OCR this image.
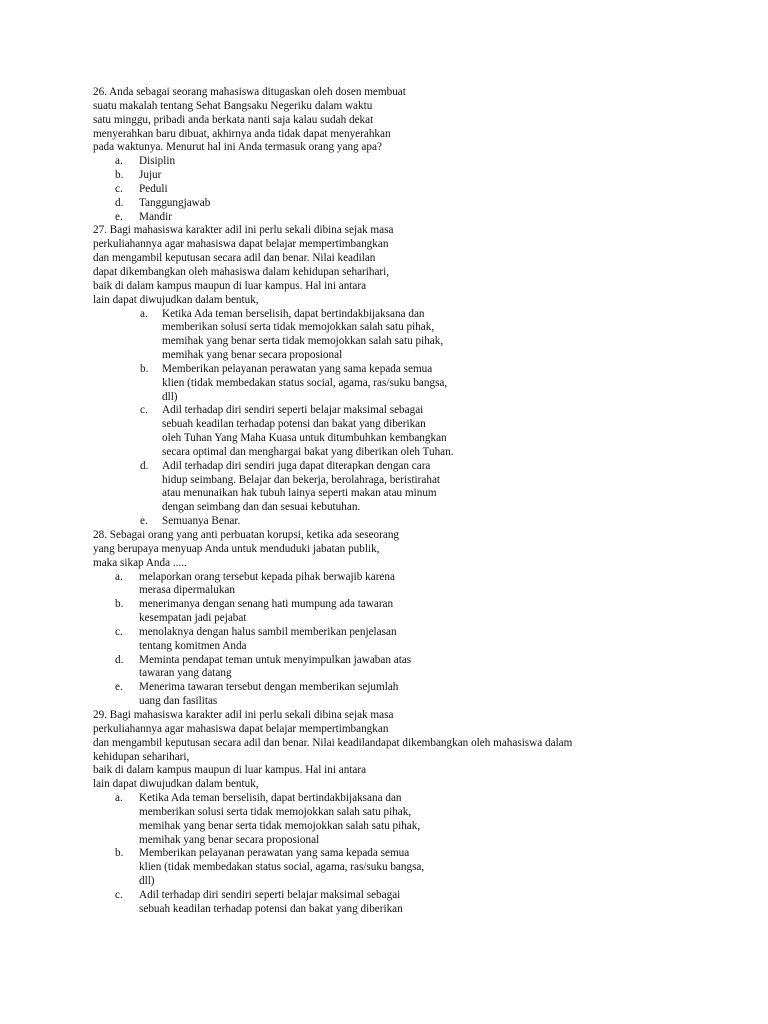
26. Anda sebagai seorang mahasiswa ditugaskan oleh dosen membuat
suatu makalah tentang Sehat Bangsaku Negeriku dalam waktu
satu minggu, pribadi anda berkata nanti saja kalau sudah dekat
menyerahkan baru dibuat, akhirnya anda tidak dapat menyerahkan
pada waktunya. Menurut hal ini Anda termasuk orang yang apa?
a. Disiplin
b. Jujur
c. Peduli
d. Tanggungjawab
e. Mandir
27. Bagi mahasiswa karakter adil ini perlu sekali dibina sejak masa
perkuliahannya agar mahasiswa dapat belajar mempertimbangkan
dan mengambil keputusan secara adil dan benar. Nilai keadilan
dapat dikembangkan oleh mahasiswa dalam kehidupan seharihari,
baik di dalam kampus maupun di luar kampus. Hal ini antara
lain dapat diwujudkan dalam bentuk,
a. Ketika Ada teman berselisih, dapat bertindakbijaksana dan
memberikan solusi serta tidak memojokkan salah satu pihak,
memihak yang benar serta tidak memojokkan salah satu pihak,
memihak yang benar secara proposional
b. Memberikan pelayanan perawatan yang sama kepada semua
klien (tidak membedakan status social, agama, ras/suku bangsa,
dll)
c. Adil terhadap diri sendiri seperti belajar maksimal sebagai
sebuah keadilan terhadap potensi dan bakat yang diberikan
oleh Tuhan Yang Maha Kuasa untuk ditumbuhkan kembangkan
secara optimal dan menghargai bakat yang diberikan oleh Tuhan.
d. Adil terhadap diri sendiri juga dapat diterapkan dengan cara
hidup seimbang. Belajar dan bekerja, berolahraga, beristirahat
atau menunaikan hak tubuh lainya seperti makan atau minum
dengan seimbang dan dan sesuai kebutuhan.
e. Semuanya Benar.
28. Sebagai orang yang anti perbuatan korupsi, ketika ada seseorang
yang berupaya menyuap Anda untuk menduduki jabatan publik,
maka sikap Anda .....
a. melaporkan orang tersebut kepada pihak berwajib karena
merasa dipermalukan
b. menerimanya dengan senang hati mumpung ada tawaran
kesempatan jadi pejabat
c. menolaknya dengan halus sambil memberikan penjelasan
tentang komitmen Anda
d. Meminta pendapat teman untuk menyimpulkan jawaban atas
tawaran yang datang
e. Menerima tawaran tersebut dengan memberikan sejumlah
uang dan fasilitas
29. Bagi mahasiswa karakter adil ini perlu sekali dibina sejak masa
perkuliahannya agar mahasiswa dapat belajar mempertimbangkan
dan mengambil keputusan secara adil dan benar. Nilai keadilandapat dikembangkan oleh mahasiswa dalam
kehidupan seharihari,
baik di dalam kampus maupun di luar kampus. Hal ini antara
lain dapat diwujudkan dalam bentuk,
a. Ketika Ada teman berselisih, dapat bertindakbijaksana dan
memberikan solusi serta tidak memojokkan salah satu pihak,
memihak yang benar serta tidak memojokkan salah satu pihak,
memihak yang benar secara proposional
b. Memberikan pelayanan perawatan yang sama kepada semua
klien (tidak membedakan status social, agama, ras/suku bangsa,
dll)
c. Adil terhadap diri sendiri seperti belajar maksimal sebagai
sebuah keadilan terhadap potensi dan bakat yang diberikan
